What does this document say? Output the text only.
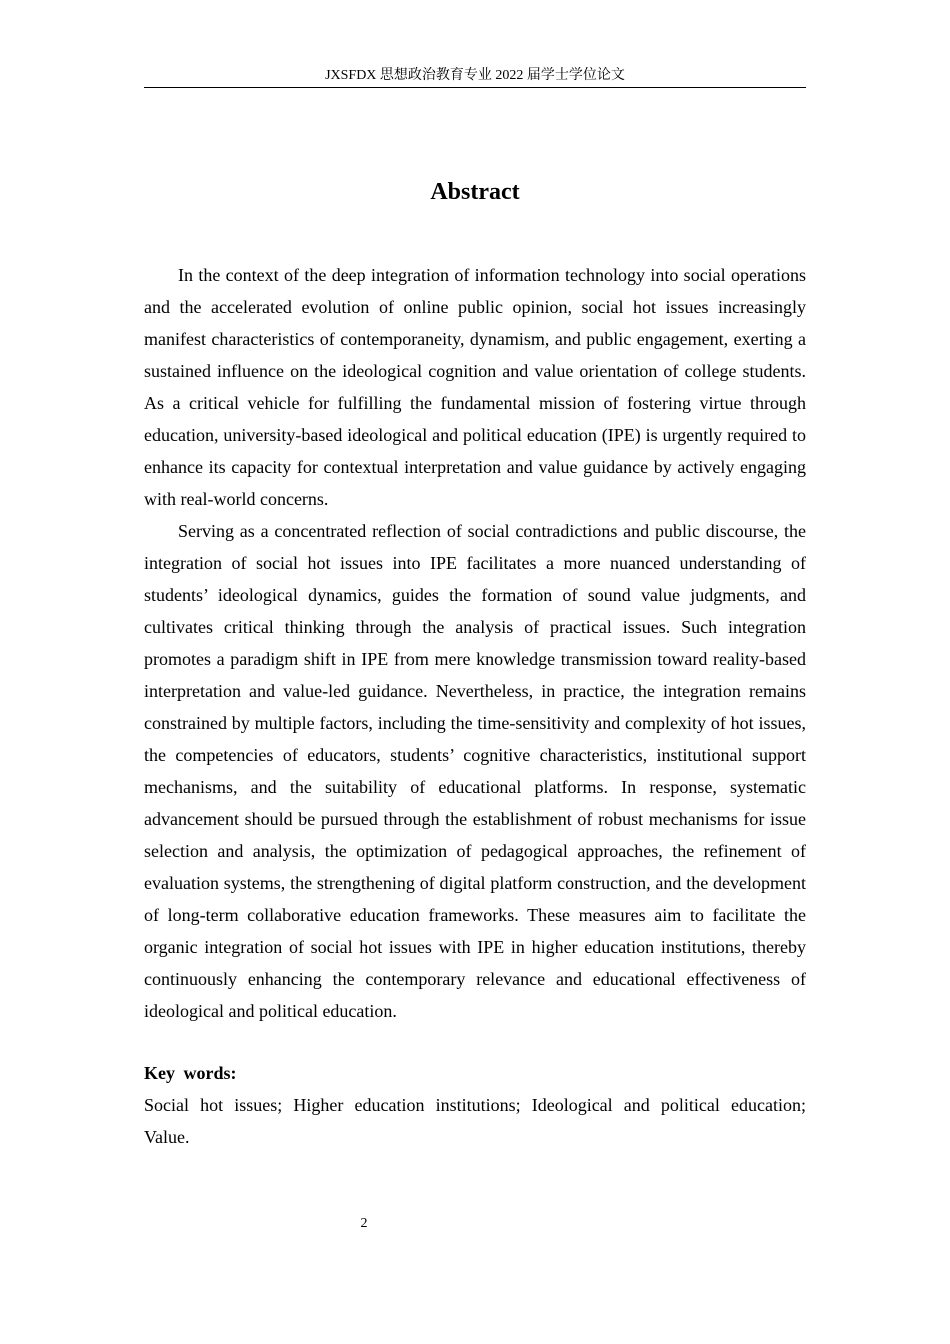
JXSFDX 思想政治教育专业 2022 届学士学位论文
Abstract

In the context of the deep integration of information technology into social operations and the accelerated evolution of online public opinion, social hot issues increasingly manifest characteristics of contemporaneity, dynamism, and public engagement, exerting a sustained influence on the ideological cognition and value orientation of college students. As a critical vehicle for fulfilling the fundamental mission of fostering virtue through education, university-based ideological and political education (IPE) is urgently required to enhance its capacity for contextual interpretation and value guidance by actively engaging with real-world concerns.

Serving as a concentrated reflection of social contradictions and public discourse, the integration of social hot issues into IPE facilitates a more nuanced understanding of students’ ideological dynamics, guides the formation of sound value judgments, and cultivates critical thinking through the analysis of practical issues. Such integration promotes a paradigm shift in IPE from mere knowledge transmission toward reality-based interpretation and value-led guidance. Nevertheless, in practice, the integration remains constrained by multiple factors, including the time-sensitivity and complexity of hot issues, the competencies of educators, students’ cognitive characteristics, institutional support mechanisms, and the suitability of educational platforms. In response, systematic advancement should be pursued through the establishment of robust mechanisms for issue selection and analysis, the optimization of pedagogical approaches, the refinement of evaluation systems, the strengthening of digital platform construction, and the development of long-term collaborative education frameworks. These measures aim to facilitate the organic integration of social hot issues with IPE in higher education institutions, thereby continuously enhancing the contemporary relevance and educational effectiveness of ideological and political education.

Key words:
Social hot issues; Higher education institutions; Ideological and political education; Value.
2
